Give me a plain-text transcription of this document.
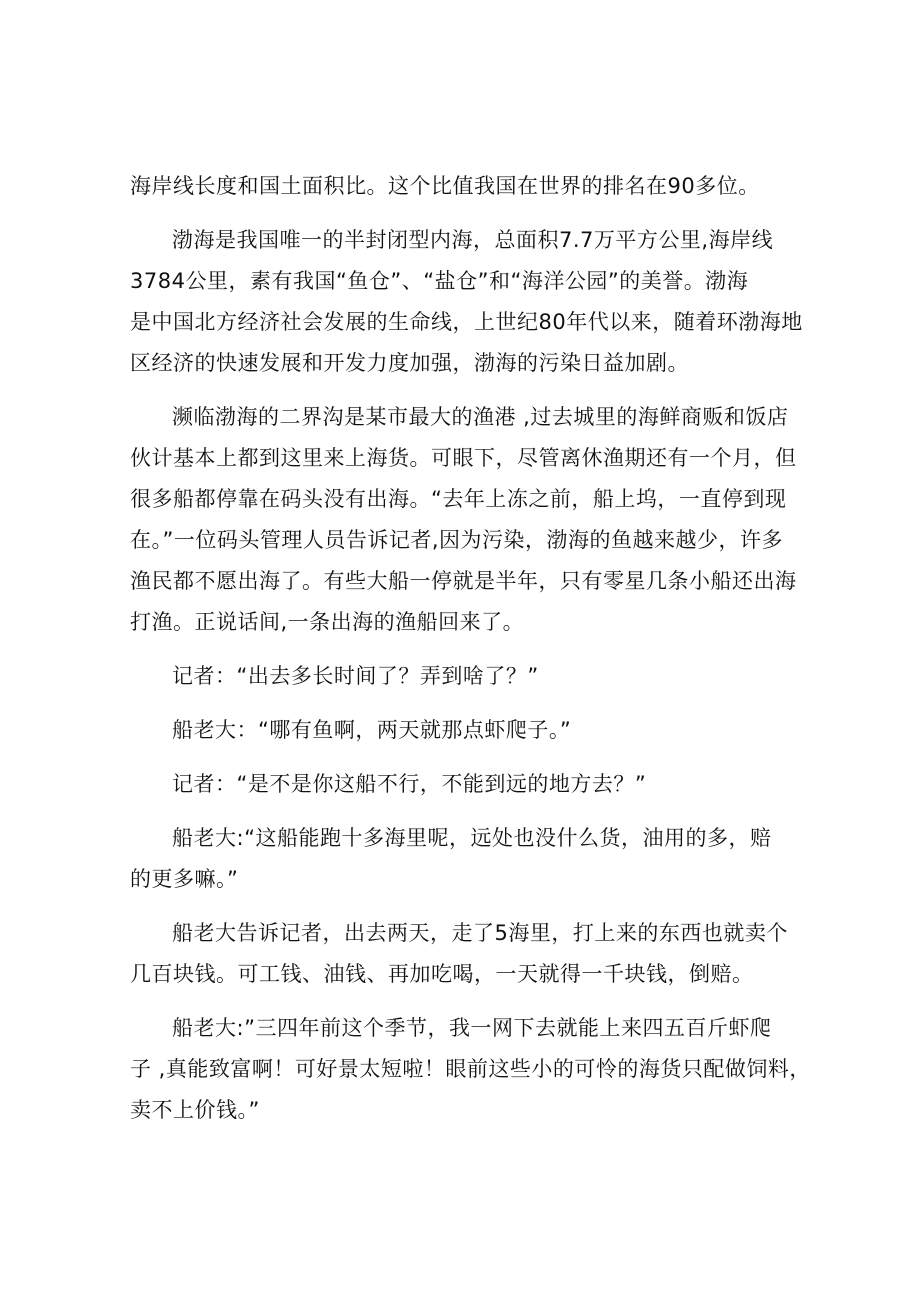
海岸线长度和国土面积比。这个比值我国在世界的排名在90多位。
渤海是我国唯一的半封闭型内海，总面积7.7万平方公里,海岸线
3784公里，素有我国“鱼仓”、“盐仓”和“海洋公园”的美誉。渤海
是中国北方经济社会发展的生命线，上世纪80年代以来，随着环渤海地
区经济的快速发展和开发力度加强，渤海的污染日益加剧。
濒临渤海的二界沟是某市最大的渔港 ,过去城里的海鲜商贩和饭店
伙计基本上都到这里来上海货。可眼下，尽管离休渔期还有一个月，但
很多船都停靠在码头没有出海。“去年上冻之前，船上坞，一直停到现
在。”一位码头管理人员告诉记者,因为污染，渤海的鱼越来越少，许多
渔民都不愿出海了。有些大船一停就是半年，只有零星几条小船还出海
打渔。正说话间,一条出海的渔船回来了。
记者：“出去多长时间了？弄到啥了？”
船老大：“哪有鱼啊，两天就那点虾爬子。”
记者：“是不是你这船不行，不能到远的地方去？”
船老大:“这船能跑十多海里呢，远处也没什么货，油用的多，赔
的更多嘛。”
船老大告诉记者，出去两天，走了5海里，打上来的东西也就卖个
几百块钱。可工钱、油钱、再加吃喝，一天就得一千块钱，倒赔。
船老大:”三四年前这个季节，我一网下去就能上来四五百斤虾爬
子 ,真能致富啊！可好景太短啦！眼前这些小的可怜的海货只配做饲料，
卖不上价钱。”
